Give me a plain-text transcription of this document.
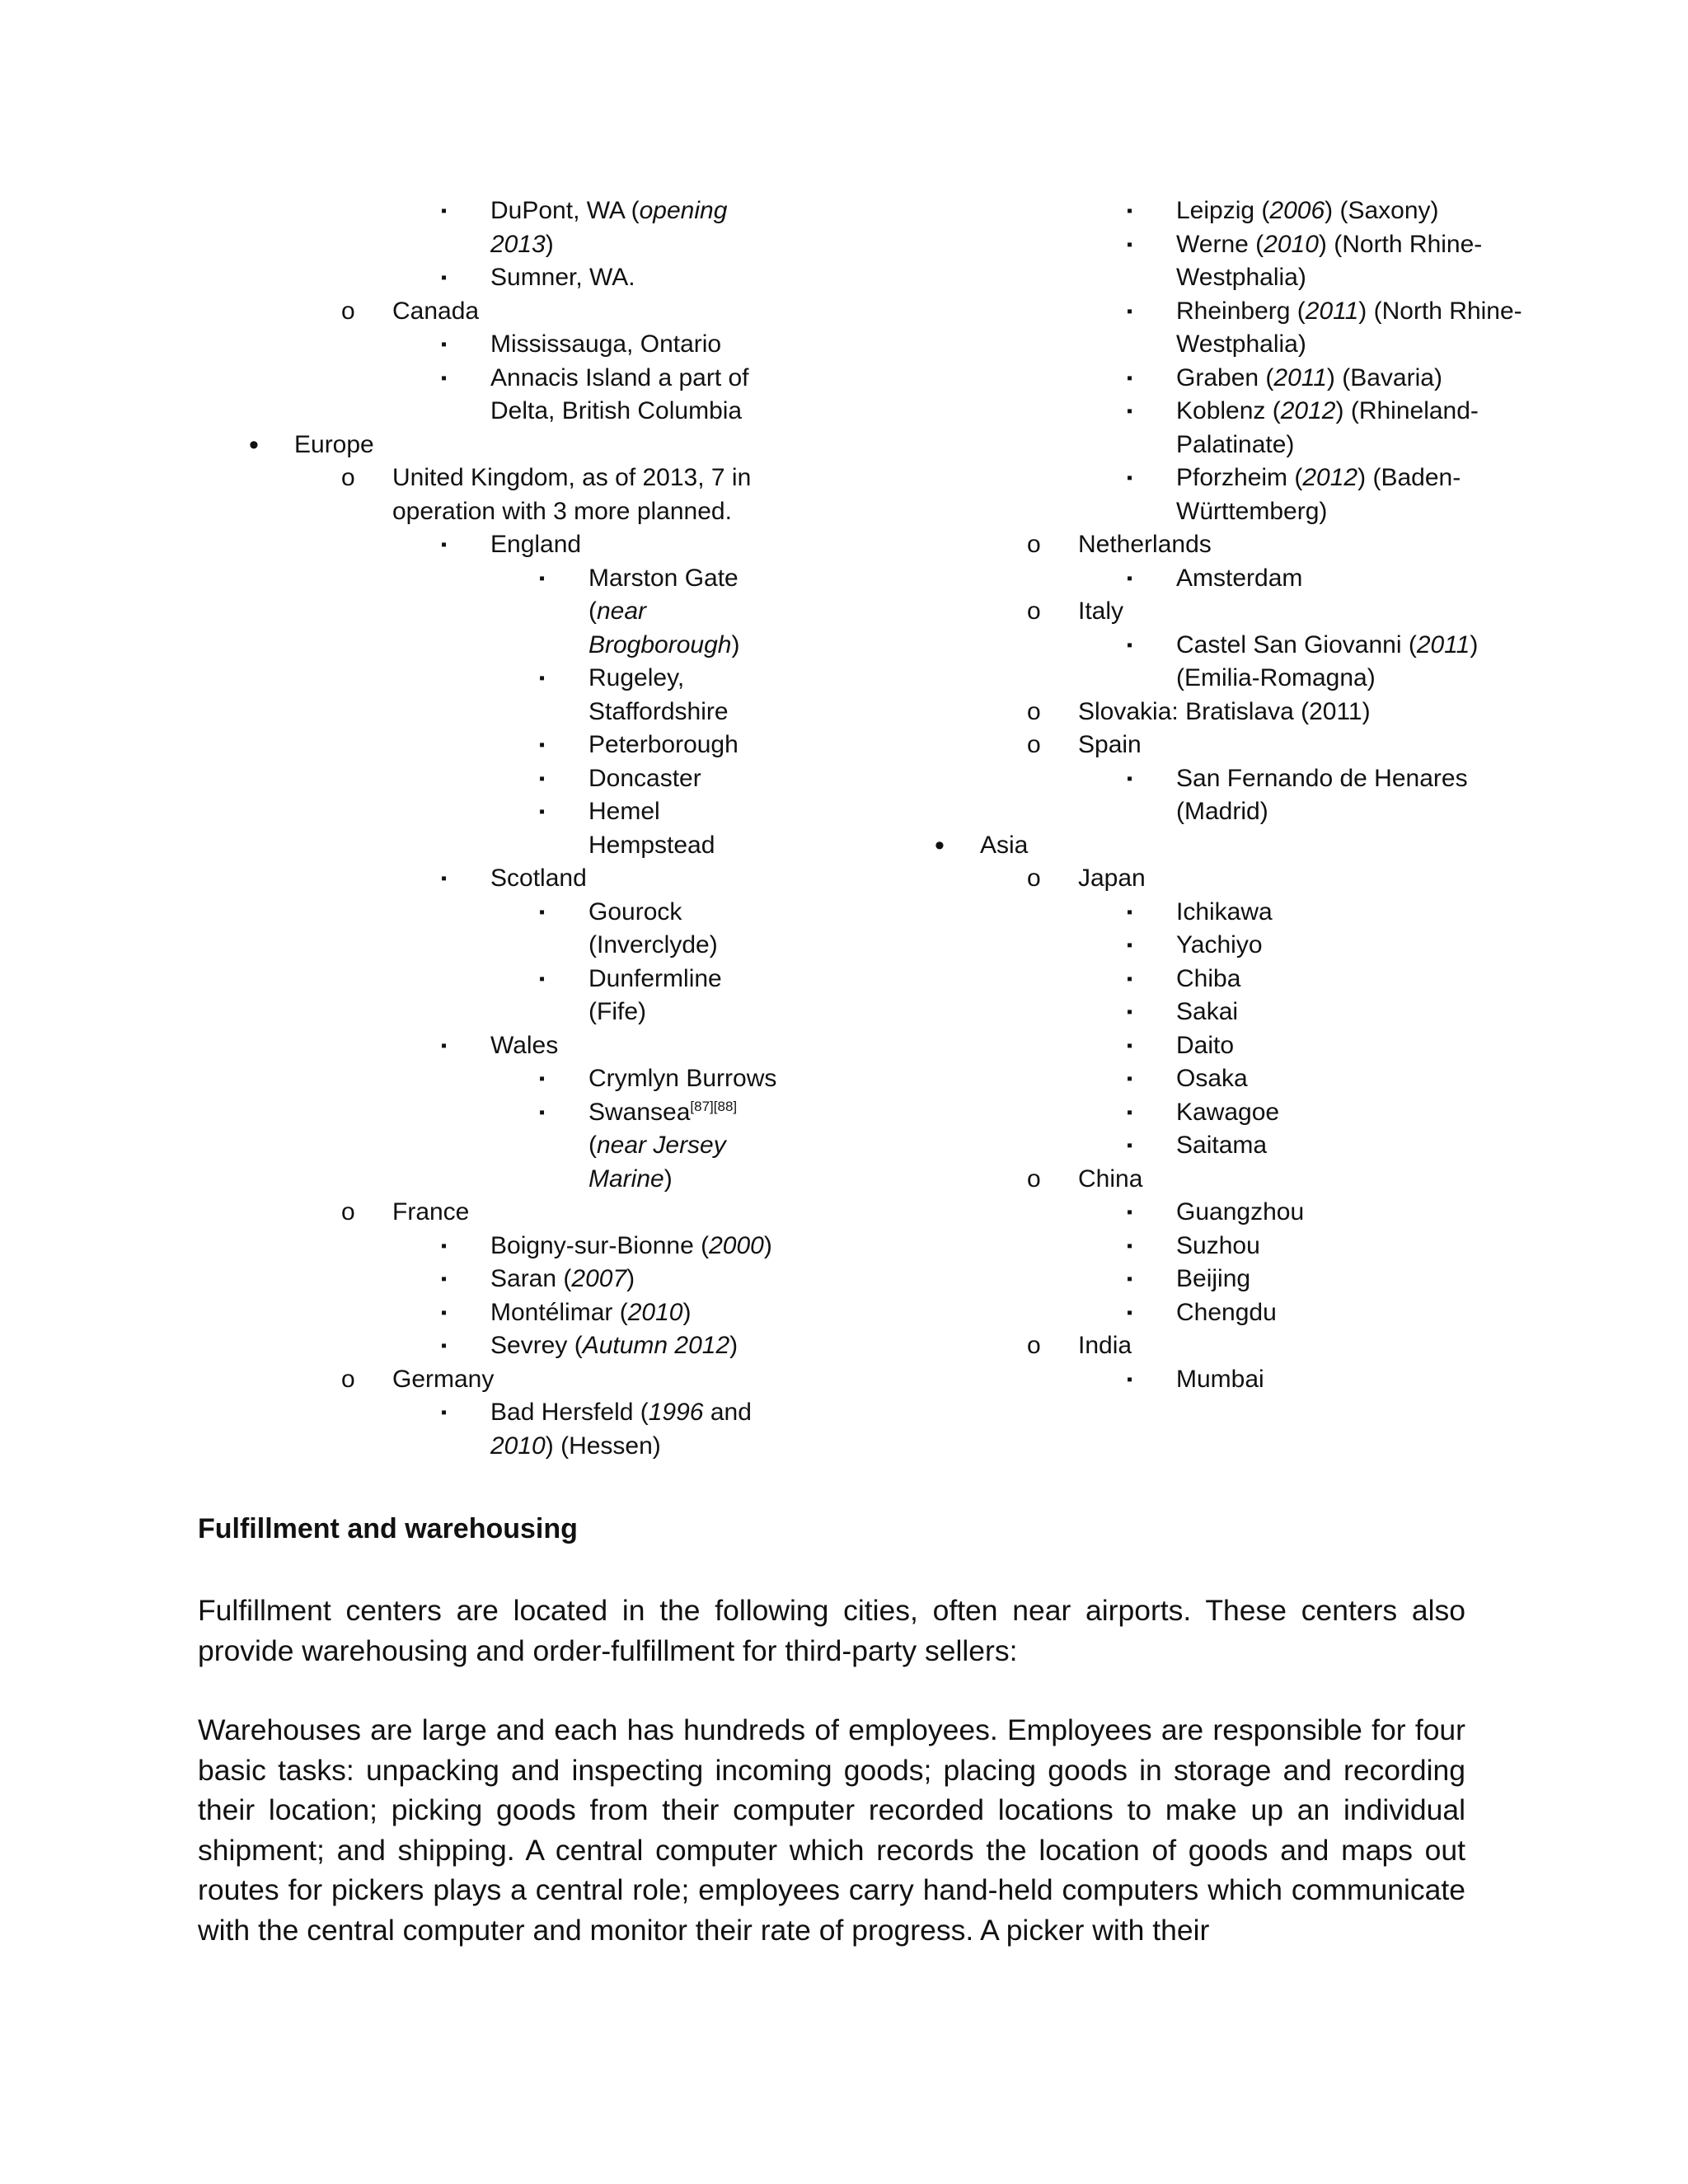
▪ DuPont, WA (opening 2013)
▪ Sumner, WA.
o Canada
▪ Mississauga, Ontario
▪ Annacis Island a part of Delta, British Columbia
• Europe
o United Kingdom, as of 2013, 7 in operation with 3 more planned.
▪ England
▪ Marston Gate (near Brogborough)
▪ Rugeley, Staffordshire
▪ Peterborough
▪ Doncaster
▪ Hemel Hempstead
▪ Scotland
▪ Gourock (Inverclyde)
▪ Dunfermline (Fife)
▪ Wales
▪ Crymlyn Burrows
▪ Swansea[87][88] (near Jersey Marine)
o France
▪ Boigny-sur-Bionne (2000)
▪ Saran (2007)
▪ Montélimar (2010)
▪ Sevrey (Autumn 2012)
o Germany
▪ Bad Hersfeld (1996 and 2010) (Hessen)
▪ Leipzig (2006) (Saxony)
▪ Werne (2010) (North Rhine-Westphalia)
▪ Rheinberg (2011) (North Rhine-Westphalia)
▪ Graben (2011) (Bavaria)
▪ Koblenz (2012) (Rhineland-Palatinate)
▪ Pforzheim (2012) (Baden-Württemberg)
o Netherlands
▪ Amsterdam
o Italy
▪ Castel San Giovanni (2011) (Emilia-Romagna)
o Slovakia: Bratislava (2011)
o Spain
▪ San Fernando de Henares (Madrid)
• Asia
o Japan
▪ Ichikawa
▪ Yachiyo
▪ Chiba
▪ Sakai
▪ Daito
▪ Osaka
▪ Kawagoe
▪ Saitama
o China
▪ Guangzhou
▪ Suzhou
▪ Beijing
▪ Chengdu
o India
▪ Mumbai
Fulfillment and warehousing

Fulfillment centers are located in the following cities, often near airports. These centers also provide warehousing and order-fulfillment for third-party sellers:

Warehouses are large and each has hundreds of employees. Employees are responsible for four basic tasks: unpacking and inspecting incoming goods; placing goods in storage and recording their location; picking goods from their computer recorded locations to make up an individual shipment; and shipping. A central computer which records the location of goods and maps out routes for pickers plays a central role; employees carry hand-held computers which communicate with the central computer and monitor their rate of progress. A picker with their
